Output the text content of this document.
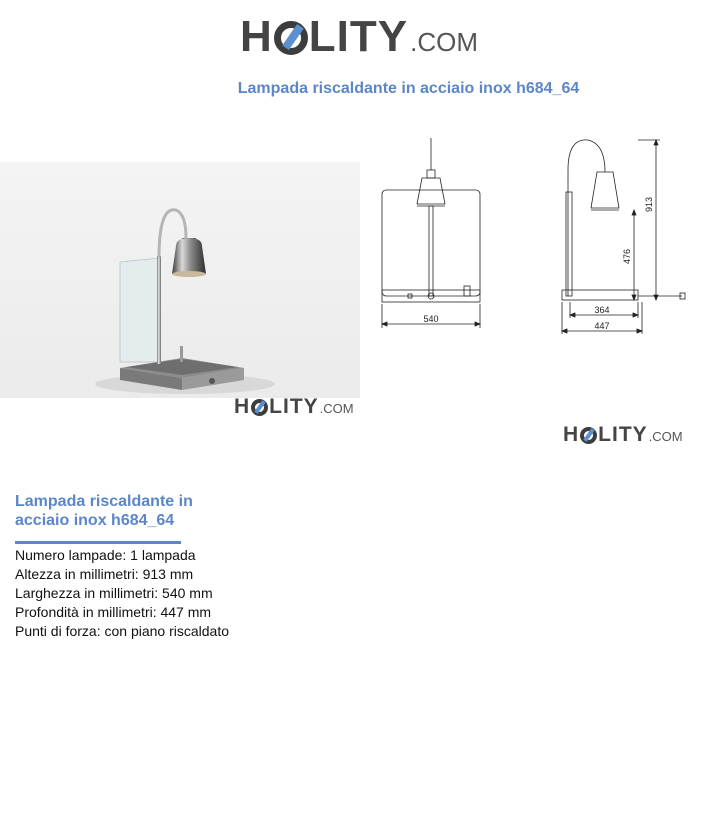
H LITY .COM
Lampada riscaldante in acciaio inox h684_64
H LITY .COM
540
913
476
364
447
H LITY .COM
Lampada riscaldante in acciaio inox h684_64
Numero lampade: 1 lampada
Altezza in millimetri: 913 mm
Larghezza in millimetri: 540 mm
Profondità in millimetri: 447 mm
Punti di forza: con piano riscaldato
